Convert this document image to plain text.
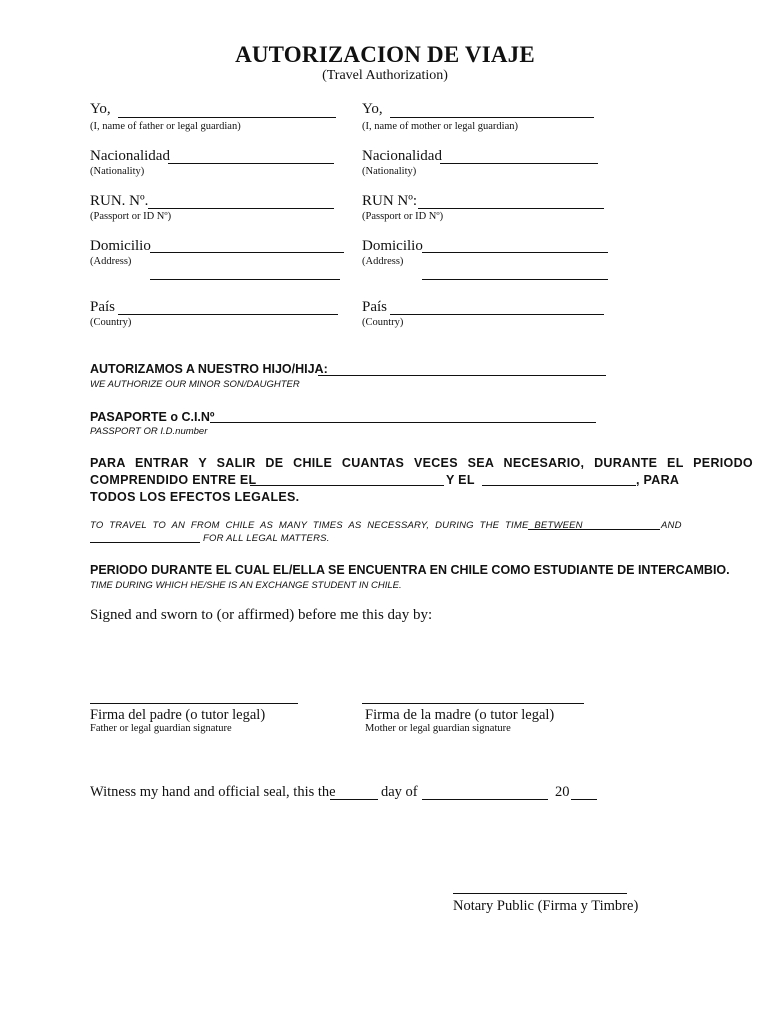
AUTORIZACION DE VIAJE
(Travel Authorization)
Yo,
(I, name of father or legal guardian)
Nacionalidad
(Nationality)
RUN. Nº.
(Passport or ID Nº)
Domicilio
(Address)
País
(Country)
Yo,
(I, name of mother or legal guardian)
Nacionalidad
(Nationality)
RUN Nº:
(Passport or ID Nº)
Domicilio
(Address)
País
(Country)
AUTORIZAMOS A NUESTRO HIJO/HIJA:
WE AUTHORIZE OUR MINOR SON/DAUGHTER
PASAPORTE o C.I.Nº
PASSPORT OR I.D.number
PARA ENTRAR Y SALIR DE CHILE CUANTAS VECES SEA NECESARIO, DURANTE EL PERIODO
COMPRENDIDO ENTRE EL	Y EL	, PARA
TODOS LOS EFECTOS LEGALES.
TO TRAVEL TO AN FROM CHILE AS MANY TIMES AS NECESSARY, DURING THE TIME BETWEEN	AND
FOR ALL LEGAL MATTERS.
PERIODO DURANTE EL CUAL EL/ELLA SE ENCUENTRA EN CHILE COMO ESTUDIANTE DE INTERCAMBIO.
TIME DURING WHICH HE/SHE IS AN EXCHANGE STUDENT IN CHILE.
Signed and sworn to (or affirmed) before me this day by:
Firma del padre (o tutor legal)
Father or legal guardian signature
Firma de la madre (o tutor legal)
Mother or legal guardian signature
Witness my hand and official seal, this the	day of	20
Notary Public (Firma y Timbre)
